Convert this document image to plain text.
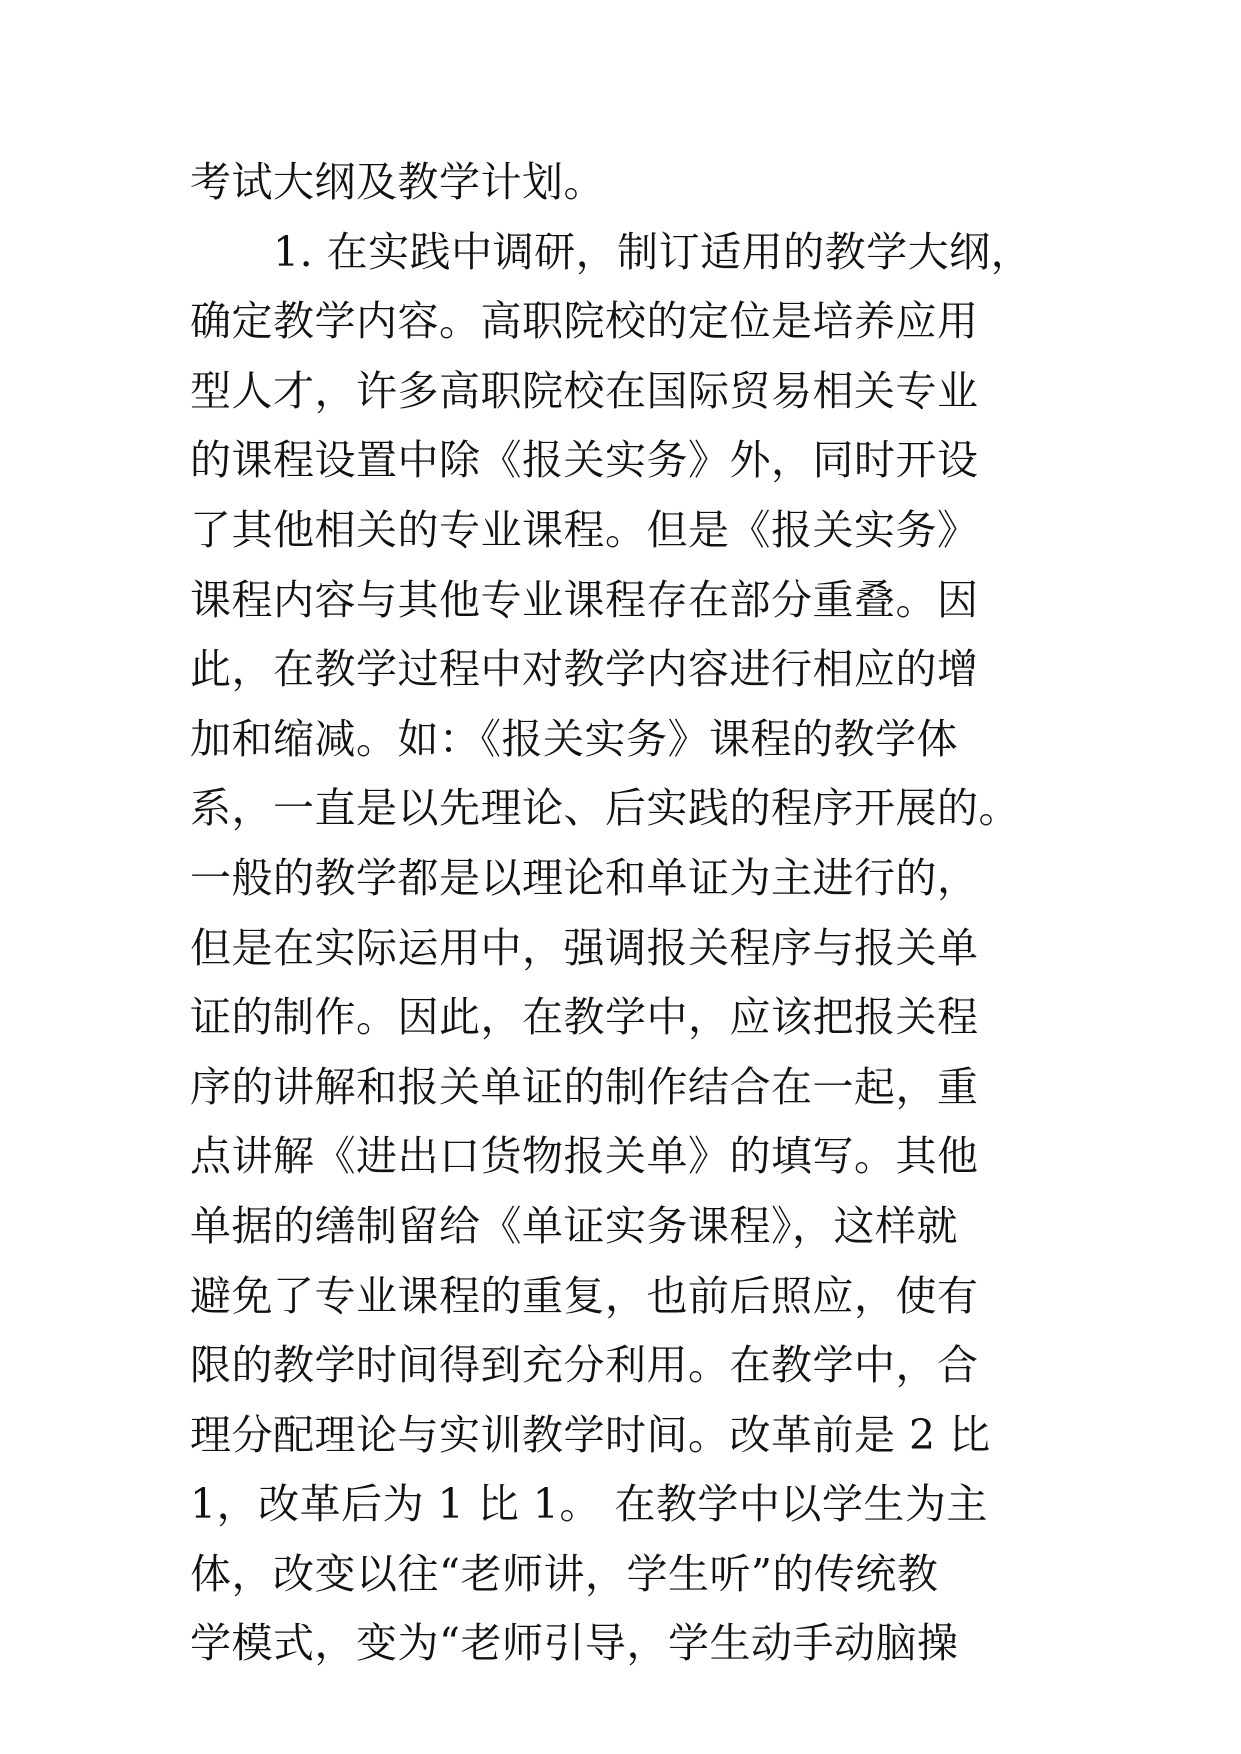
考试大纲及教学计划。
　　1. 在实践中调研，制订适用的教学大纲，
确定教学内容。高职院校的定位是培养应用
型人才，许多高职院校在国际贸易相关专业
的课程设置中除《报关实务》外，同时开设
了其他相关的专业课程。但是《报关实务》
课程内容与其他专业课程存在部分重叠。因
此，在教学过程中对教学内容进行相应的增
加和缩减。如：《报关实务》课程的教学体
系，一直是以先理论、后实践的程序开展的。
一般的教学都是以理论和单证为主进行的，
但是在实际运用中，强调报关程序与报关单
证的制作。因此，在教学中，应该把报关程
序的讲解和报关单证的制作结合在一起，重
点讲解《进出口货物报关单》的填写。其他
单据的缮制留给《单证实务课程》，这样就
避免了专业课程的重复，也前后照应，使有
限的教学时间得到充分利用。在教学中，合
理分配理论与实训教学时间。改革前是 2 比
1，改革后为 1 比 1。 在教学中以学生为主
体，改变以往“老师讲，学生听”的传统教
学模式，变为“老师引导，学生动手动脑操
